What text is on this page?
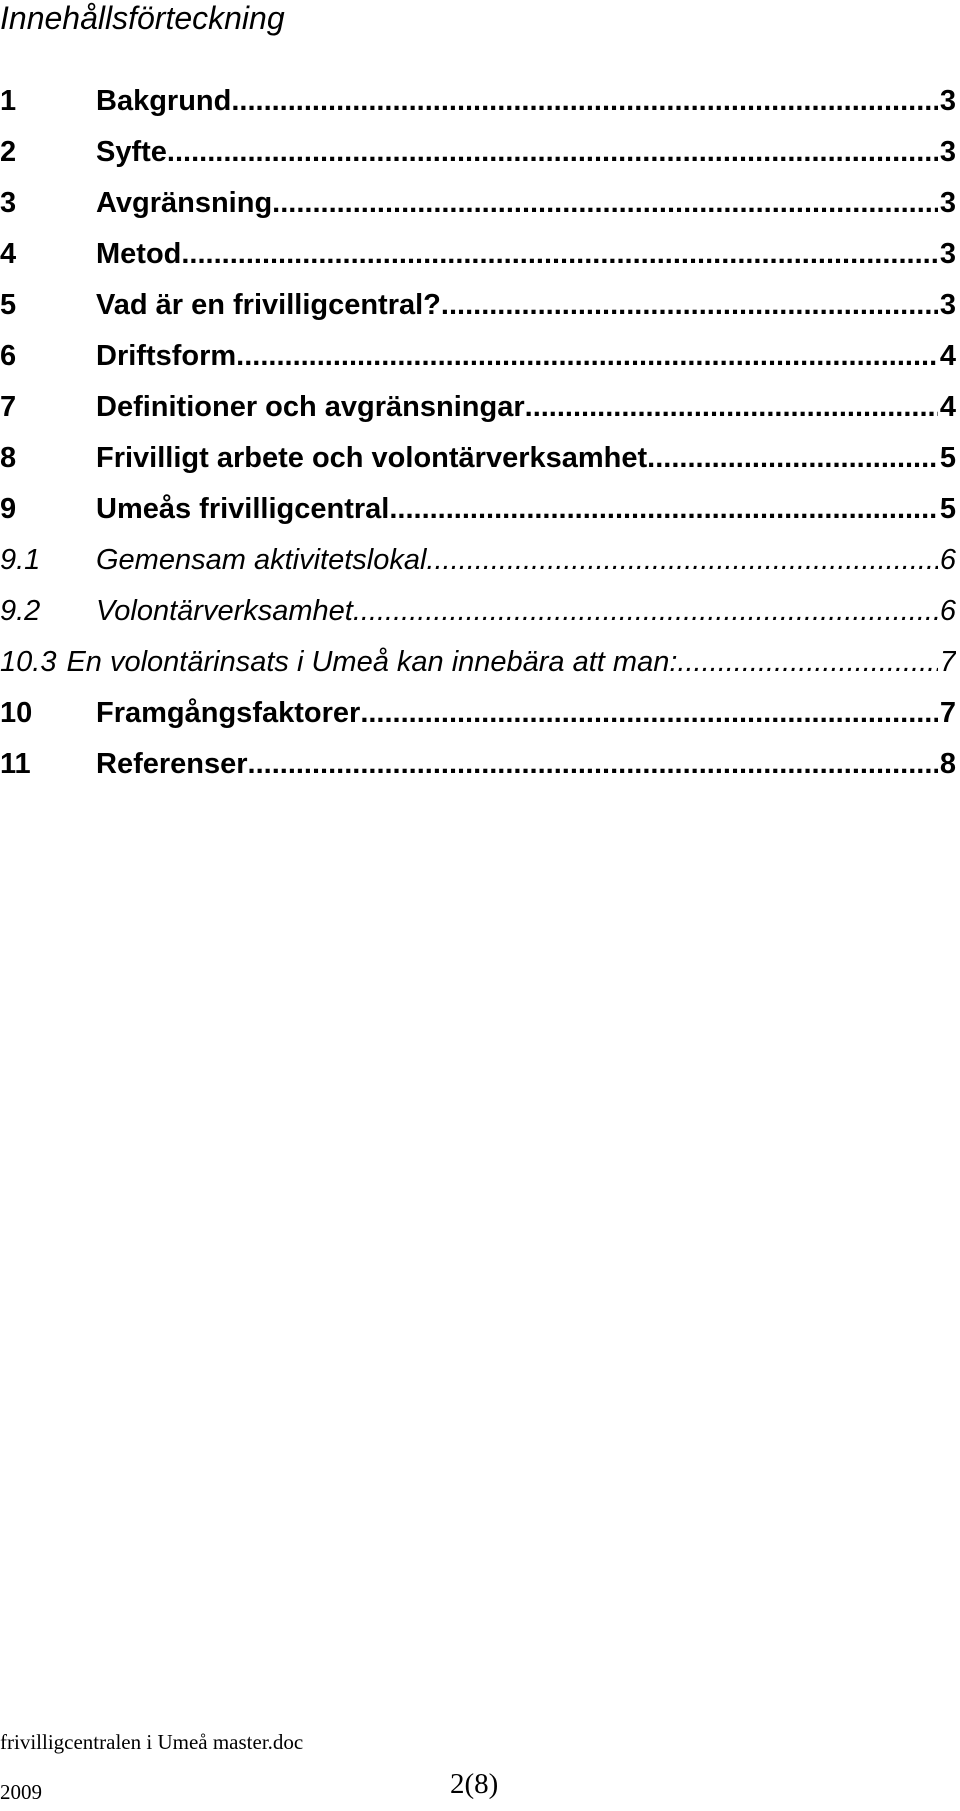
Innehållsförteckning
1	Bakgrund .....	3
2	Syfte .....	3
3	Avgränsning .....	3
4	Metod .....	3
5	Vad är en frivilligcentral? .....	3
6	Driftsform .....	4
7	Definitioner och avgränsningar .....	4
8	Frivilligt arbete och volontärverksamhet .....	5
9	Umeås frivilligcentral .....	5
9.1	Gemensam aktivitetslokal .....	6
9.2	Volontärverksamhet .....	6
10.3 En volontärinsats i Umeå kan innebära att man: .....	7
10	Framgångsfaktorer .....	7
11	Referenser .....	8
frivilligcentralen i Umeå master.doc
2009	2(8)
